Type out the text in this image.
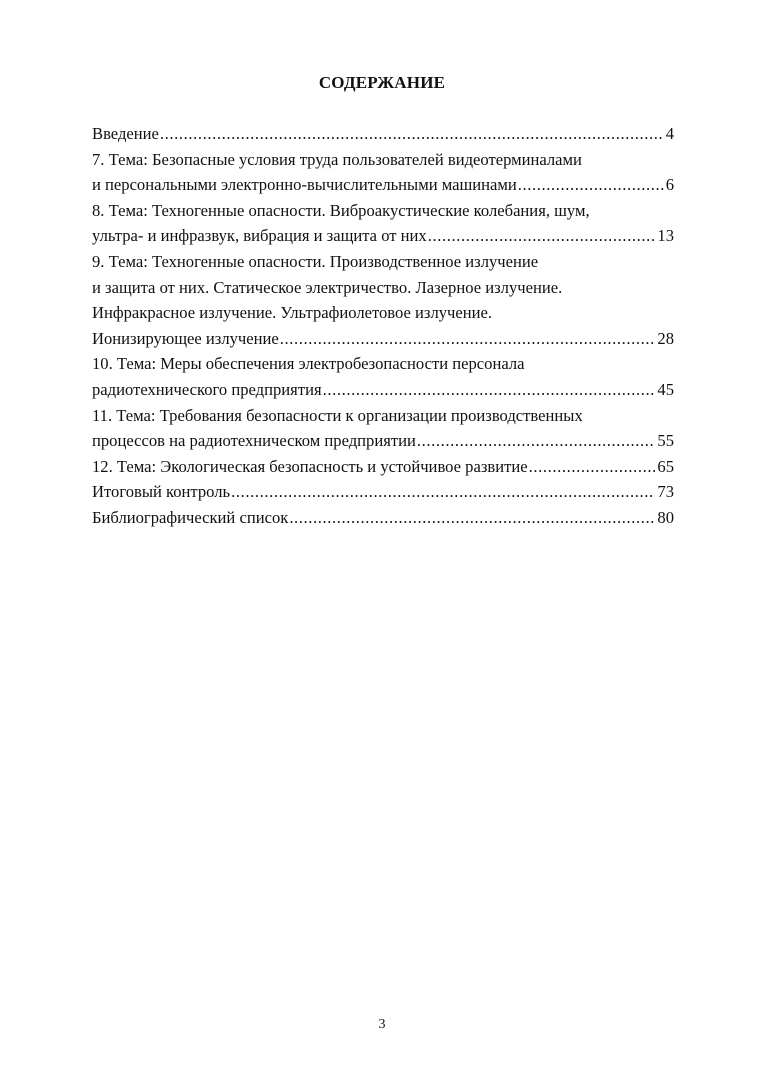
СОДЕРЖАНИЕ
Введение .....	4
7. Тема: Безопасные условия труда пользователей видеотерминалами
и персональными электронно-вычислительными машинами .....	6
8. Тема: Техногенные опасности. Виброакустические колебания, шум,
ультра- и инфразвук, вибрация и защита от них .....	13
9. Тема: Техногенные опасности. Производственное излучение
и защита от них. Статическое электричество. Лазерное излучение.
Инфракрасное излучение. Ультрафиолетовое излучение.
Ионизирующее излучение .....	28
10. Тема: Меры обеспечения электробезопасности персонала
радиотехнического предприятия .....	45
11. Тема: Требования безопасности к организации производственных
процессов на радиотехническом предприятии .....	55
12. Тема: Экологическая безопасность и устойчивое развитие .....	65
Итоговый контроль .....	73
Библиографический список .....	80
3
